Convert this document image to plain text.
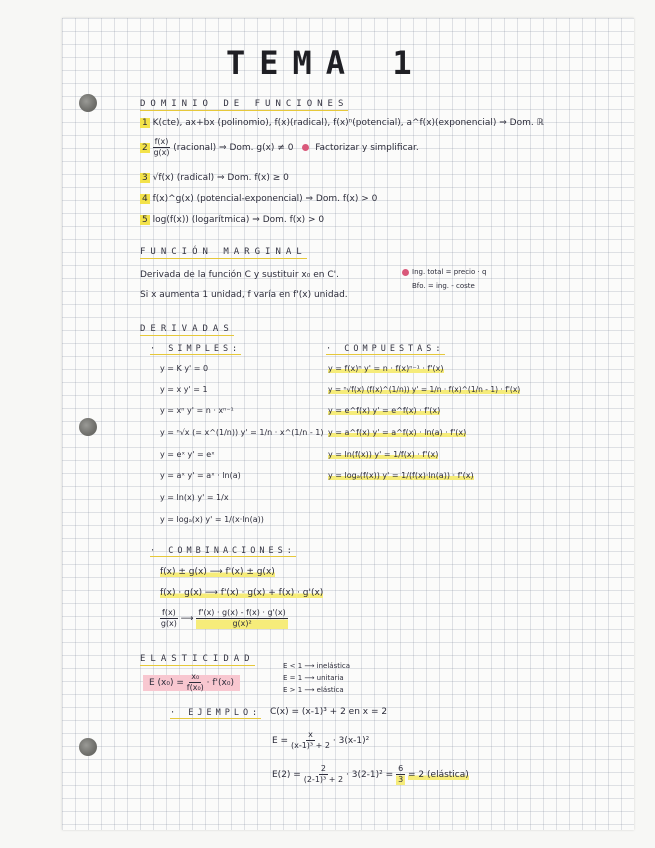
TEMA 1
DOMINIO DE FUNCIONES
1 K(cte), ax+bx (polinomio), f(x)(radical), f(x)ⁿ(potencial), a^f(x)(exponencial) ⇒ Dom. ℝ
$2 \frac{f(x)}{g(x)}$ (racional) ⇒ Dom. g(x) ≠ 0 Factorizar y simplificar.
3 √f(x) (radical) ⇒ Dom. f(x) ≥ 0
4 f(x)^g(x) (potencial-exponencial) ⇒ Dom. f(x) > 0
5 log(f(x)) (logarítmica) ⇒ Dom. f(x) > 0
FUNCIÓN MARGINAL
Derivada de la función C y sustituir x₀ en C'.
Si x aumenta 1 unidad, f varía en f'(x) unidad.
Ing. total = precio · q
Bfo. = ing. - coste
DERIVADAS
· SIMPLES:
y = K y' = 0
y = x y' = 1
y = xⁿ y' = n · xⁿ⁻¹
y = ⁿ√x (= x^(1/n)) y' = 1/n · x^(1/n - 1)
y = eˣ y' = eˣ
y = aˣ y' = aˣ · ln(a)
y = ln(x) y' = 1/x
y = logₐ(x) y' = 1/(x·ln(a))
· COMPUESTAS:
y = f(x)ⁿ y' = n · f(x)ⁿ⁻¹ · f'(x)
y = ⁿ√f(x) (f(x)^(1/n)) y' = 1/n · f(x)^(1/n - 1) · f'(x)
y = e^f(x) y' = e^f(x) · f'(x)
y = a^f(x) y' = a^f(x) · ln(a) · f'(x)
y = ln(f(x)) y' = 1/f(x) · f'(x)
y = logₐ(f(x)) y' = 1/(f(x)·ln(a)) · f'(x)
· COMBINACIONES:
f(x) ± g(x) ⟶ f'(x) ± g(x)
f(x) · g(x) ⟶ f'(x) · g(x) + f(x) · g'(x)
$\frac{f(x)}{g(x)}$ ⟶ $\frac{f'(x) \cdot g(x) - f(x) \cdot g'(x)}{\text{g(x)²}}$
ELASTICIDAD
E $(x_0) = \frac{\text{x₀}}{\text{f(x₀)}} \cdot f'(x_0)$
E < 1 ⟶ inelástica
E = 1 ⟶ unitaria
E > 1 ⟶ elástica
· EJEMPLO: C(x) = (x-1)³ + 2 en x = 2
$E = \frac{x}{\text{(x-1)³ + 2}} \cdot 3(x-1)^2$
$E(2) = \frac{2}{\text{(2-1)³ + 2}} \cdot 3(2-1)^2 = \frac{6}{3} = 2$ (elástica)
